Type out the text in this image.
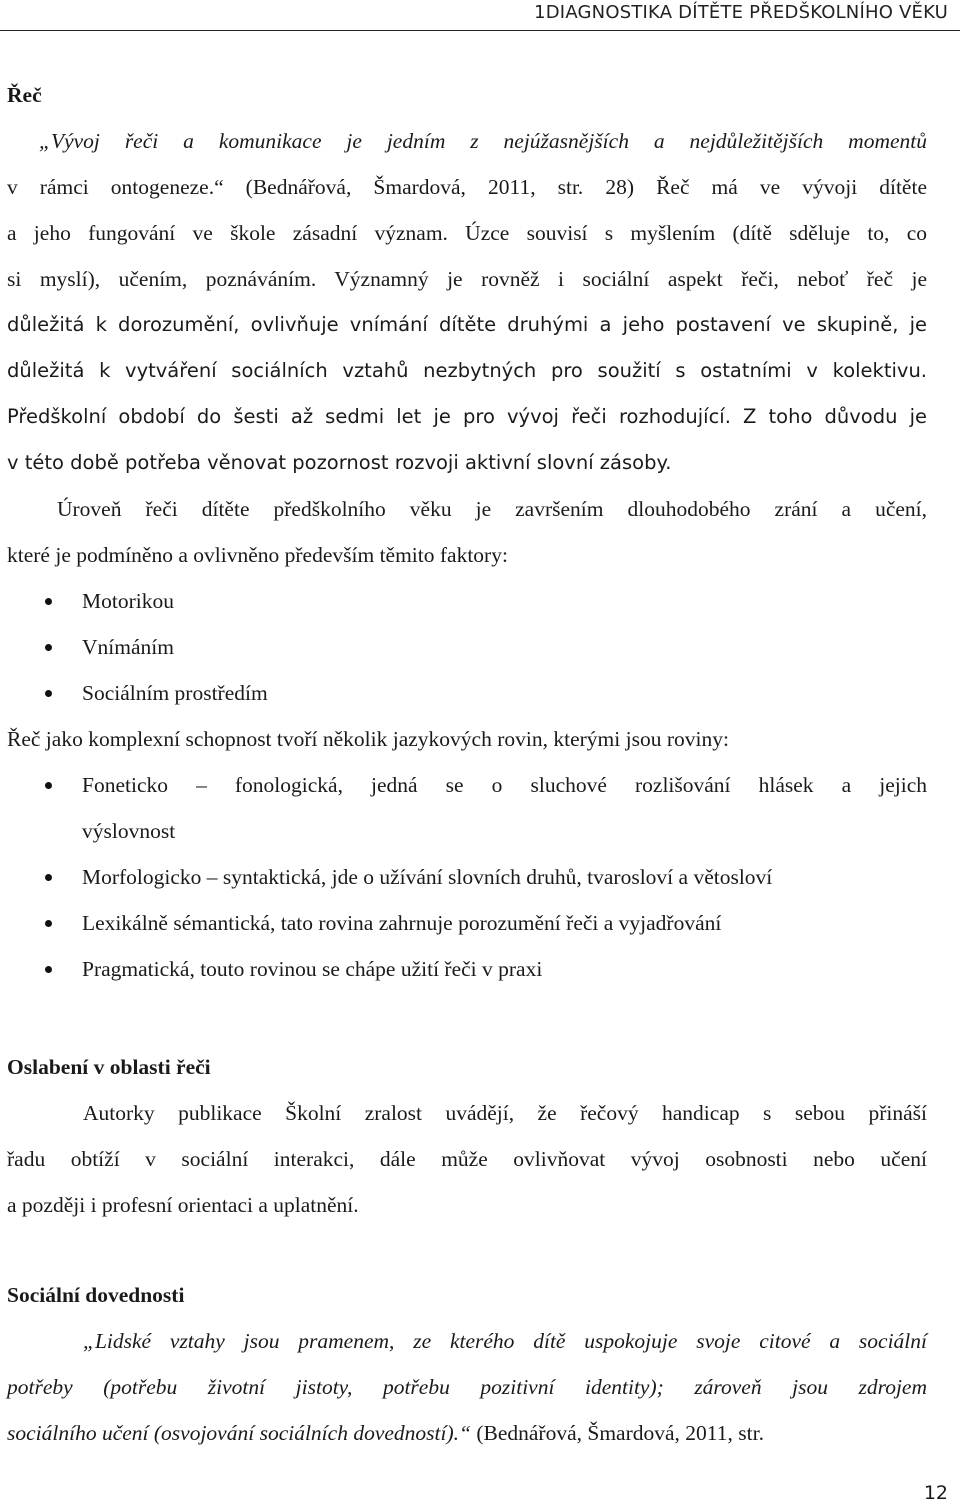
1DIAGNOSTIKA DÍTĚTE PŘEDŠKOLNÍHO VĚKU
Řeč
„Vývoj řeči a komunikace je jedním z nejúžasnějších a nejdůležitějších momentů
v rámci ontogeneze.“ (Bednářová, Šmardová, 2011, str. 28) Řeč má ve vývoji dítěte
a jeho fungování ve škole zásadní význam. Úzce souvisí s myšlením (dítě sděluje to, co
si myslí), učením, poznáváním. Významný je rovněž i sociální aspekt řeči, neboť řeč je
důležitá k dorozumění, ovlivňuje vnímání dítěte druhými a jeho postavení ve skupině, je
důležitá k vytváření sociálních vztahů nezbytných pro soužití s ostatními v kolektivu.
Předškolní období do šesti až sedmi let je pro vývoj řeči rozhodující. Z toho důvodu je
v této době potřeba věnovat pozornost rozvoji aktivní slovní zásoby.
Úroveň řeči dítěte předškolního věku je završením dlouhodobého zrání a učení,
které je podmíněno a ovlivněno především těmito faktory:
Motorikou
Vnímáním
Sociálním prostředím
Řeč jako komplexní schopnost tvoří několik jazykových rovin, kterými jsou roviny:
Foneticko – fonologická, jedná se o sluchové rozlišování hlásek a jejich
výslovnost
Morfologicko – syntaktická, jde o užívání slovních druhů, tvarosloví a větosloví
Lexikálně sémantická, tato rovina zahrnuje porozumění řeči a vyjadřování
Pragmatická, touto rovinou se chápe užití řeči v praxi
Oslabení v oblasti řeči
Autorky publikace Školní zralost uvádějí, že řečový handicap s sebou přináší
řadu obtíží v sociální interakci, dále může ovlivňovat vývoj osobnosti nebo učení
a později i profesní orientaci a uplatnění.
Sociální dovednosti
„Lidské vztahy jsou pramenem, ze kterého dítě uspokojuje svoje citové a sociální
potřeby (potřebu životní jistoty, potřebu pozitivní identity); zároveň jsou zdrojem
sociálního učení (osvojování sociálních dovedností).“ (Bednářová, Šmardová, 2011, str.
12
